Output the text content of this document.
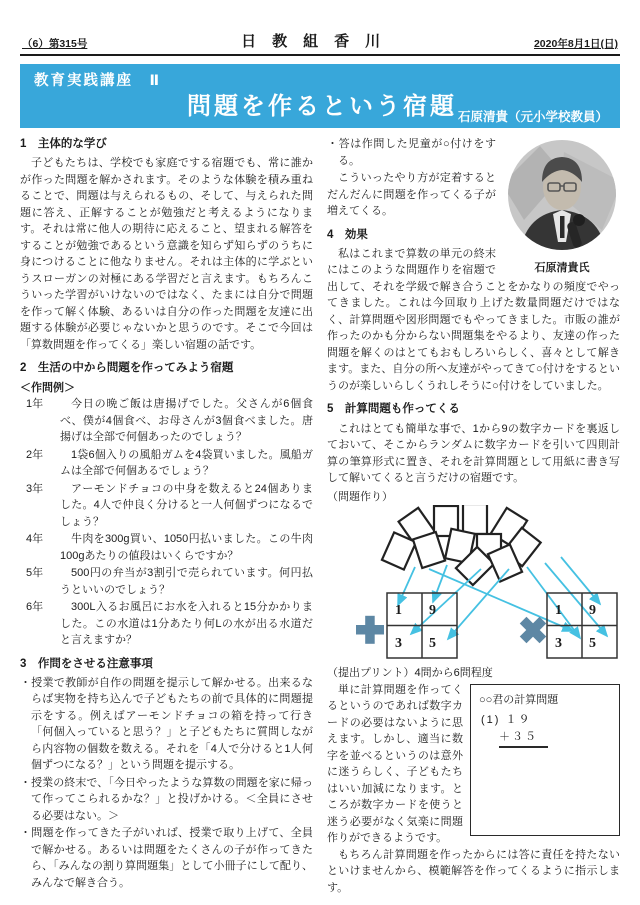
（6）第315号	日教組香川	2020年8月1日(日)
教育実践講座　Ⅱ
問題を作るという宿題 石原清貴（元小学校教員）
1　主体的な学び

子どもたちは、学校でも家庭でする宿題でも、常に誰かが作った問題を解かされます。そのような体験を積み重ねることで、問題は与えられるもの、そして、与えられた問題に答え、正解することが勉強だと考えるようになります。それは常に他人の期待に応えること、望まれる解答をすることが勉強であるという意識を知らず知らずのうちに身につけることに他なりません。それは主体的に学ぶというスローガンの対極にある学習だと言えます。もちろんこういった学習がいけないのではなく、たまには自分で問題を作って解く体験、あるいは自分の作った問題を友達に出題する体験が必要じゃないかと思うのです。そこで今回は「算数問題を作ってくる」楽しい宿題の話です。

2　生活の中から問題を作ってみよう宿題
＜作問例＞
1年	今日の晩ご飯は唐揚げでした。父さんが6個食べ、僕が4個食べ、お母さんが3個食べました。唐揚げは全部で何個あったのでしょう？
2年	1袋6個入りの風船ガムを4袋買いました。風船ガムは全部で何個あるでしょう？
3年	アーモンドチョコの中身を数えると24個ありました。4人で仲良く分けると一人何個ずつになるでしょう？
4年	牛肉を300g買い、1050円払いました。この牛肉100gあたりの値段はいくらですか？
5年	500円の弁当が3割引で売られています。何円払うといいのでしょう？
6年	300L入るお風呂にお水を入れると15分かかりました。この水道は1分あたり何Lの水が出る水道だと言えますか？
3　作問をさせる注意事項
・授業で教師が自作の問題を提示して解かせる。出来るならば実物を持ち込んで子どもたちの前で具体的に問題提示をする。例えばアーモンドチョコの箱を持って行き「何個入っていると思う？」と子どもたちに質問しながら内容物の個数を数える。それを「4人で分けると1人何個ずつになる？」という問題を提示する。
・授業の終末で、「今日やったような算数の問題を家に帰って作ってこられるかな？」と投げかける。＜全員にさせる必要はない。＞
・問題を作ってきた子がいれば、授業で取り上げて、全員で解かせる。あるいは問題をたくさんの子が作ってきたら、「みんなの割り算問題集」として小冊子にして配り、みんなで解き合う。
石原清貴氏
・答は作問した児童が○付けをする。

こういったやり方が定着するとだんだんに問題を作ってくる子が増えてくる。

4　効果

私はこれまで算数の単元の終末にはこのような問題作りを宿題で出して、それを学級で解き合うことをかなりの頻度でやってきました。これは今回取り上げた数量問題だけではなく、計算問題や図形問題でもやってきました。市販の誰が作ったのかも分からない問題集をやるより、友達の作った問題を解くのはとてもおもしろいらしく、喜々として解きます。また、自分の所へ友達がやってきて○付けをするというのが楽しいらしくうれしそうに○付けをしていました。

5　計算問題も作ってくる

これはとても簡単な事で、1から9の数字カードを裏返しておいて、そこからランダムに数字カードを引いて四則計算の筆算形式に置き、それを計算問題として用紙に書き写して解いてくると言うだけの宿題です。

（問題作り）
1 9
3 5
1 9
3 5
（提出プリント）4問から6問程度
○○君の計算問題
(1) １９
＋３５

単に計算問題を作ってくるというのであれば数字カードの必要はないように思えます。しかし、適当に数字を並べるというのは意外に迷うらしく、子どもたちはいい加減になります。ところが数字カードを使うと迷う必要がなく気楽に問題作りができるようです。

もちろん計算問題を作ったからには答に責任を持たないといけませんから、模範解答を作ってくるように指示します。
